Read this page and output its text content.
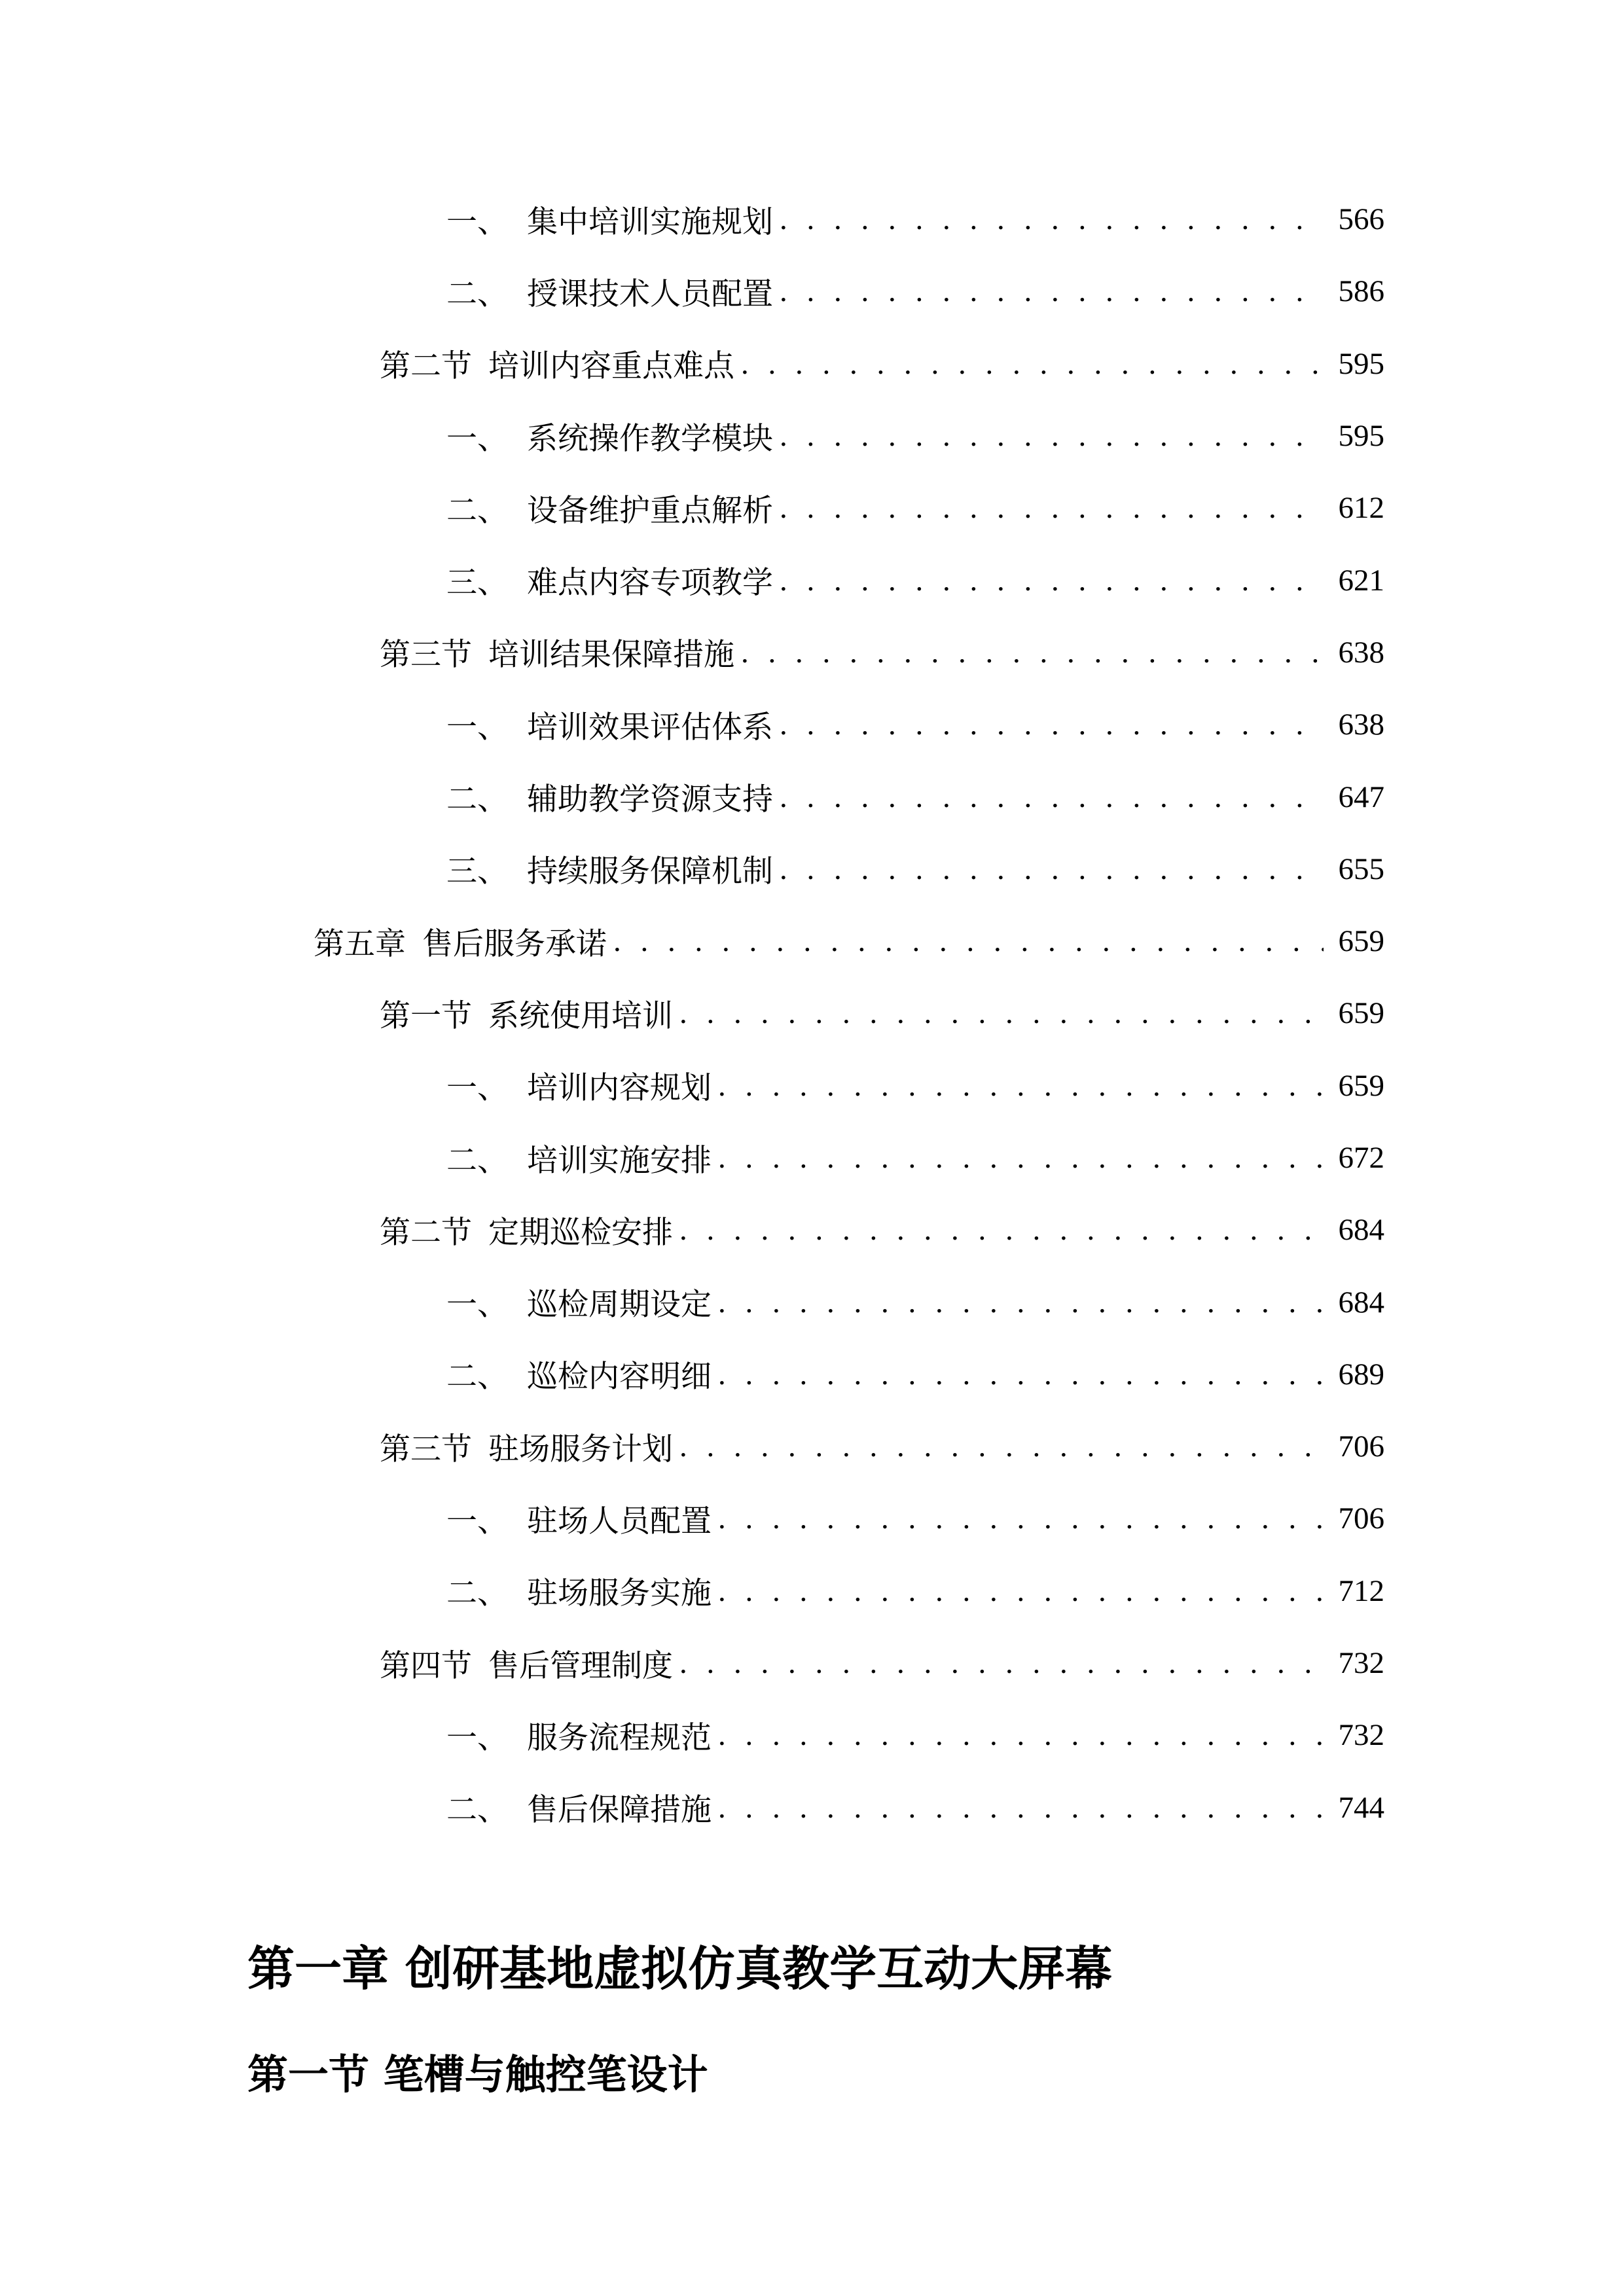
一、 集中培训实施规划 . . .	566
二、 授课技术人员配置 . . .	586
第二节 培训内容重点难点 . . .	595
一、 系统操作教学模块 . . .	595
二、 设备维护重点解析 . . .	612
三、 难点内容专项教学 . . .	621
第三节 培训结果保障措施 . . .	638
一、 培训效果评估体系 . . .	638
二、 辅助教学资源支持 . . .	647
三、 持续服务保障机制 . . .	655
第五章 售后服务承诺 . . .	659
第一节 系统使用培训 . . .	659
一、 培训内容规划 . . .	659
二、 培训实施安排 . . .	672
第二节 定期巡检安排 . . .	684
一、 巡检周期设定 . . .	684
二、 巡检内容明细 . . .	689
第三节 驻场服务计划 . . .	706
一、 驻场人员配置 . . .	706
二、 驻场服务实施 . . .	712
第四节 售后管理制度 . . .	732
一、 服务流程规范 . . .	732
二、 售后保障措施 . . .	744
第一章 创研基地虚拟仿真教学互动大屏幕
第一节 笔槽与触控笔设计
